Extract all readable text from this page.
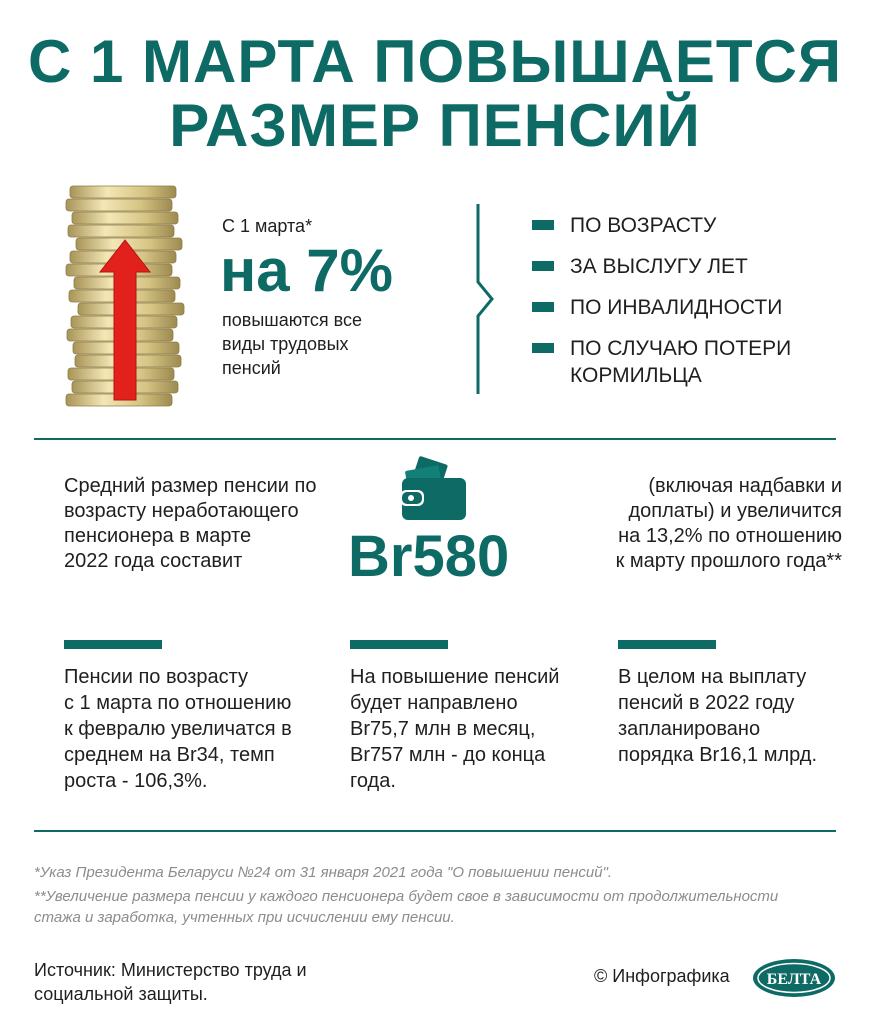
С 1 МАРТА ПОВЫШАЕТСЯ
РАЗМЕР ПЕНСИЙ
С 1 марта*
на 7%
повышаются все
виды трудовых
пенсий
ПО ВОЗРАСТУ
ЗА ВЫСЛУГУ ЛЕТ
ПО ИНВАЛИДНОСТИ
ПО СЛУЧАЮ ПОТЕРИ
КОРМИЛЬЦА
Средний размер пенсии по
возрасту неработающего
пенсионера в марте
2022 года составит	Br580
(включая надбавки и
доплаты) и увеличится
на 13,2% по отношению
к марту прошлого года**
Пенсии по возрасту
с 1 марта по отношению
к февралю увеличатся в
среднем на Br34, темп
роста - 106,3%.
На повышение пенсий
будет направлено
Br75,7 млн в месяц,
Br757 млн - до конца
года.
В целом на выплату
пенсий в 2022 году
запланировано
порядка Br16,1 млрд.
*Указ Президента Беларуси №24 от 31 января 2021 года "О повышении пенсий".
**Увеличение размера пенсии у каждого пенсионера будет свое в зависимости от продолжительности
стажа и заработка, учтенных при исчислении ему пенсии.
Источник: Министерство труда и
социальной защиты.
© Инфографика БЕЛТА
